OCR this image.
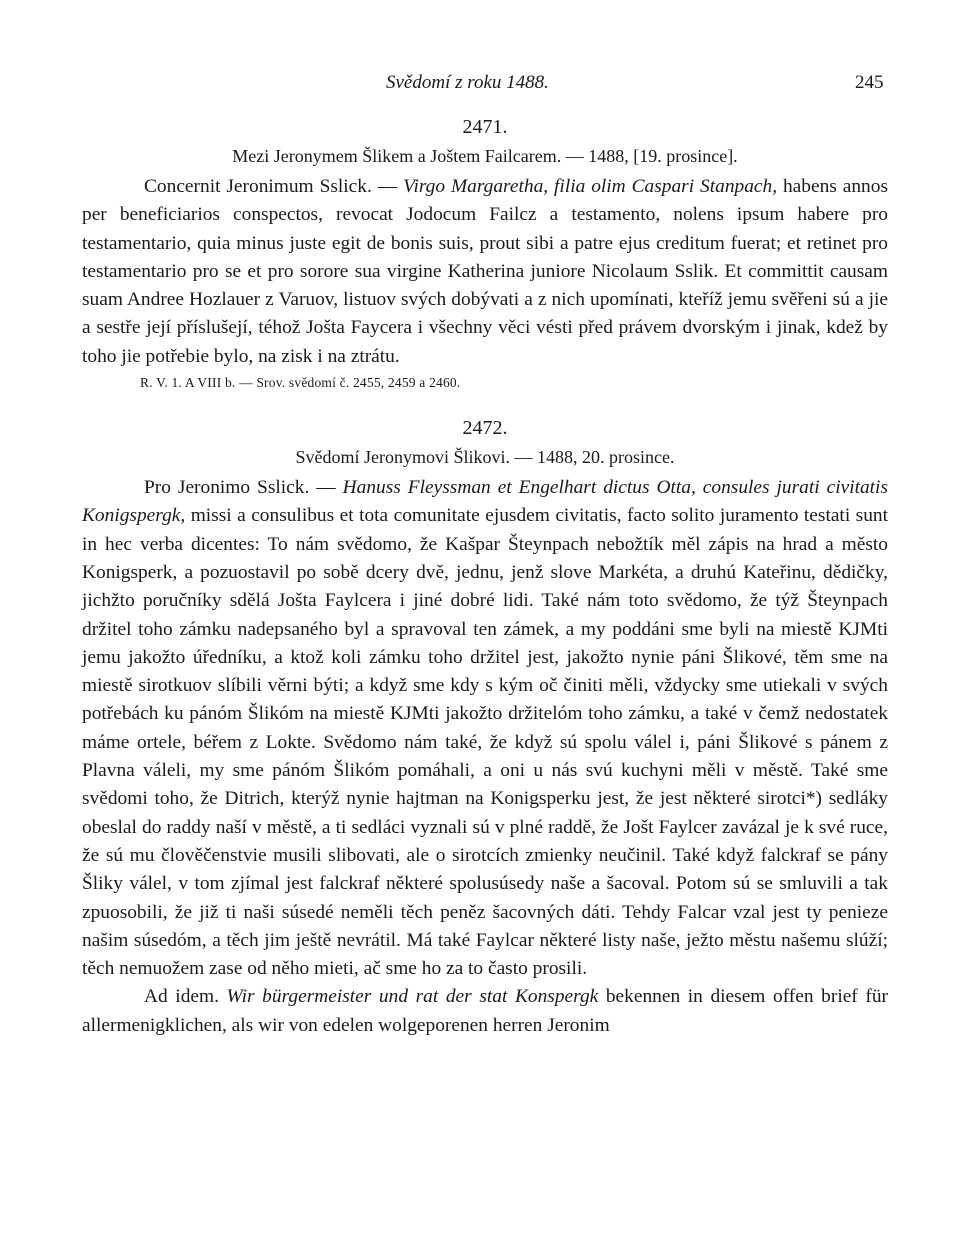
Svědomí z roku 1488.	245

2471.

Mezi Jeronymem Šlikem a Joštem Failcarem. — 1488, [19. prosince].

Concernit Jeronimum Sslick. — Virgo Margaretha, filia olim Caspari Stanpach, habens annos per beneficiarios conspectos, revocat Jodocum Failcz a testamento, nolens ipsum habere pro testamentario, quia minus juste egit de bonis suis, prout sibi a patre ejus creditum fuerat; et retinet pro testamentario pro se et pro sorore sua virgine Katherina juniore Nicolaum Sslik. Et committit causam suam Andree Hozlauer z Varuov, listuov svých dobývati a z nich upomínati, kteříž jemu svěřeni sú a jie a sestře její příslušejí, téhož Jošta Faycera i všechny věci vésti před právem dvorským i jinak, kdež by toho jie potřebie bylo, na zisk i na ztrátu.

R. V. 1. A VIII b. — Srov. svědomí č. 2455, 2459 a 2460.

2472.

Svědomí Jeronymovi Šlikovi. — 1488, 20. prosince.

Pro Jeronimo Sslick. — Hanuss Fleyssman et Engelhart dictus Otta, consules jurati civitatis Konigspergk, missi a consulibus et tota comunitate ejusdem civitatis, facto solito juramento testati sunt in hec verba dicentes: To nám svědomo, že Kašpar Šteynpach nebožtík měl zápis na hrad a město Konigsperk, a pozuostavil po sobě dcery dvě, jednu, jenž slove Markéta, a druhú Kateřinu, dědičky, jichžto poručníky sdělá Jošta Faylcera i jiné dobré lidi. Také nám toto svědomo, že týž Šteynpach držitel toho zámku nadepsaného byl a spravoval ten zámek, a my poddáni sme byli na miestě KJMti jemu jakožto úředníku, a ktož koli zámku toho držitel jest, jakožto nynie páni Šlikové, těm sme na miestě sirotkuov slíbili věrni býti; a když sme kdy s kým oč činiti měli, vždycky sme utiekali v svých potřebách ku pánóm Šlikóm na miestě KJMti jakožto držitelóm toho zámku, a také v čemž nedostatek máme ortele, béřem z Lokte. Svědomo nám také, že když sú spolu válel i, páni Šlikové s pánem z Plavna váleli, my sme pánóm Šlikóm pomáhali, a oni u nás svú kuchyni měli v městě. Také sme svědomi toho, že Ditrich, kterýž nynie hajtman na Konigsperku jest, že jest některé sirotci*) sedláky obeslal do raddy naší v městě, a ti sedláci vyznali sú v plné raddě, že Jošt Faylcer zavázal je k své ruce, že sú mu člověčenstvie musili slibovati, ale o sirotcích zmienky neučinil. Také když falckraf se pány Šliky válel, v tom zjímal jest falckraf některé spolusúsedy naše a šacoval. Potom sú se smluvili a tak zpuosobili, že již ti naši súsedé neměli těch peněz šacovných dáti. Tehdy Falcar vzal jest ty penieze našim súsedóm, a těch jim ještě nevrátil. Má také Faylcar některé listy naše, ježto městu našemu slúží; těch nemuožem zase od něho mieti, ač sme ho za to často prosili.

Ad idem. Wir bürgermeister und rat der stat Konspergk bekennen in diesem offen brief für allermenigklichen, als wir von edelen wolgeporenen herren Jeronim
